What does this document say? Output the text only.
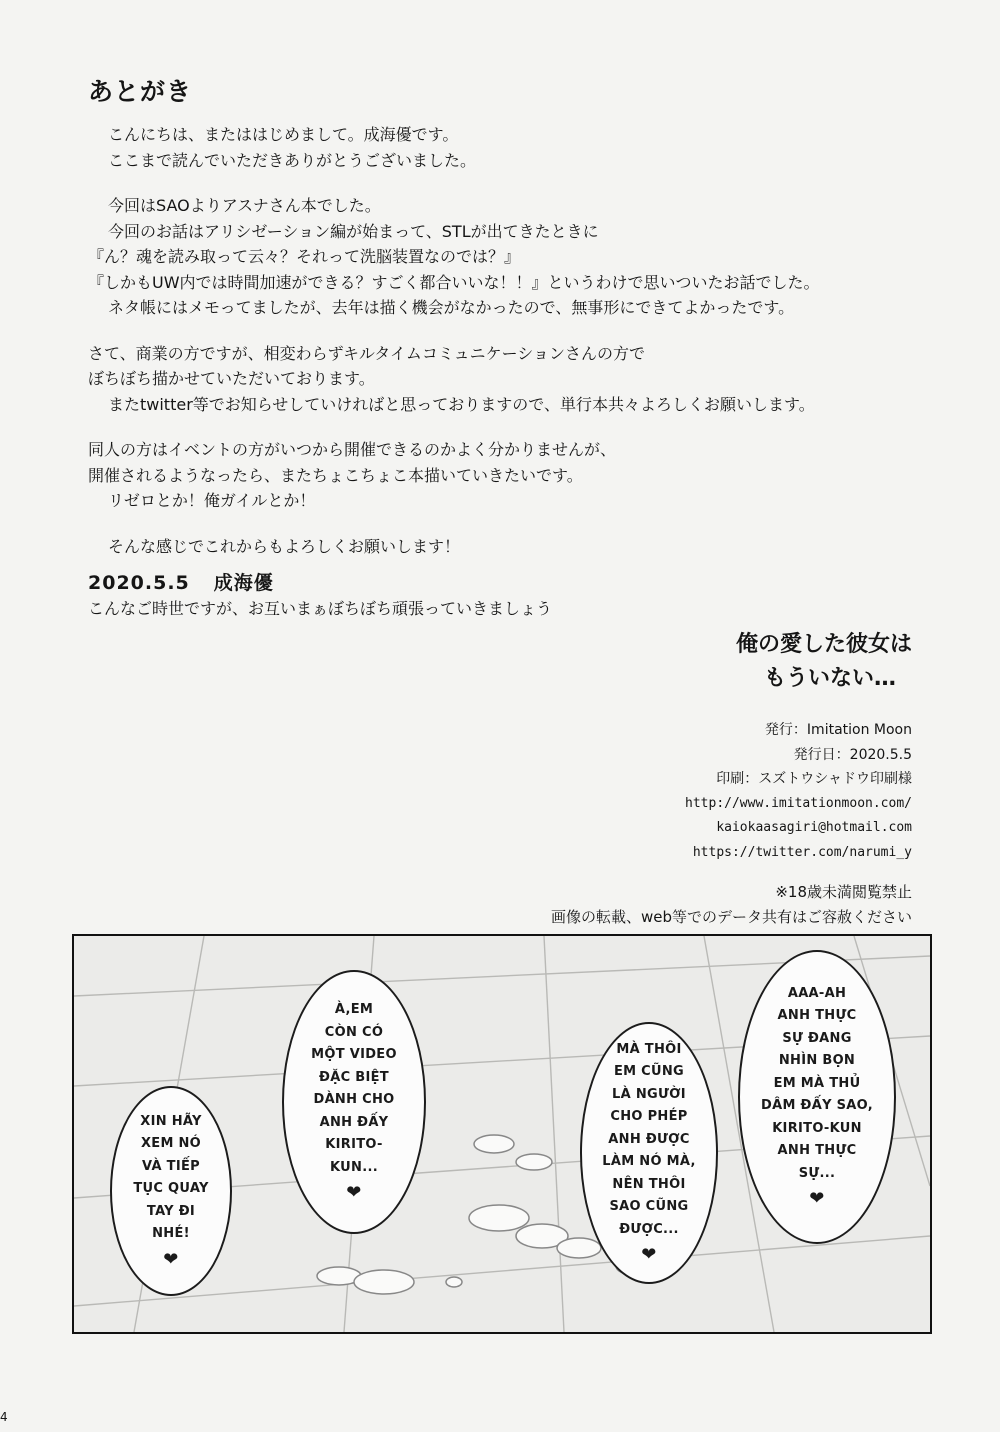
あとがき
こんにちは、またははじめまして。成海優です。
ここまで読んでいただきありがとうございました。
今回はSAOよりアスナさん本でした。
今回のお話はアリシゼーション編が始まって、STLが出てきたときに
『ん？魂を読み取って云々？それって洗脳装置なのでは？』
『しかもUW内では時間加速ができる？すごく都合いいな！！』というわけで思いついたお話でした。
ネタ帳にはメモってましたが、去年は描く機会がなかったので、無事形にできてよかったです。
さて、商業の方ですが、相変わらずキルタイムコミュニケーションさんの方で
ぼちぼち描かせていただいております。
またtwitter等でお知らせしていければと思っておりますので、単行本共々よろしくお願いします。
同人の方はイベントの方がいつから開催できるのかよく分かりませんが、
開催されるようなったら、またちょこちょこ本描いていきたいです。
リゼロとか！俺ガイルとか！
そんな感じでこれからもよろしくお願いします！
2020.5.5 成海優
こんなご時世ですが、お互いまぁぼちぼち頑張っていきましょう
俺の愛した彼女は
もういない…
発行：Imitation Moon
発行日：2020.5.5
印刷：スズトウシャドウ印刷様
http://www.imitationmoon.com/
kaiokaasagiri@hotmail.com
https://twitter.com/narumi_y
※18歳未満閲覧禁止
画像の転載、web等でのデータ共有はご容赦ください
XIN HÃY
XEM NÓ
VÀ TIẾP
TỤC QUAY
TAY ĐI
NHÉ!
❤
À,EM
CÒN CÓ
MỘT VIDEO
ĐẶC BIỆT
DÀNH CHO
ANH ĐẤY
KIRITO-
KUN...
❤
MÀ THÔI
EM CŨNG
LÀ NGƯỜI
CHO PHÉP
ANH ĐƯỢC
LÀM NÓ MÀ,
NÊN THÔI
SAO CŨNG
ĐƯỢC...
❤
AAA-AH
ANH THỰC
SỰ ĐANG
NHÌN BỌN
EM MÀ THỦ
DÂM ĐẤY SAO,
KIRITO-KUN
ANH THỰC
SỰ...
❤
4
